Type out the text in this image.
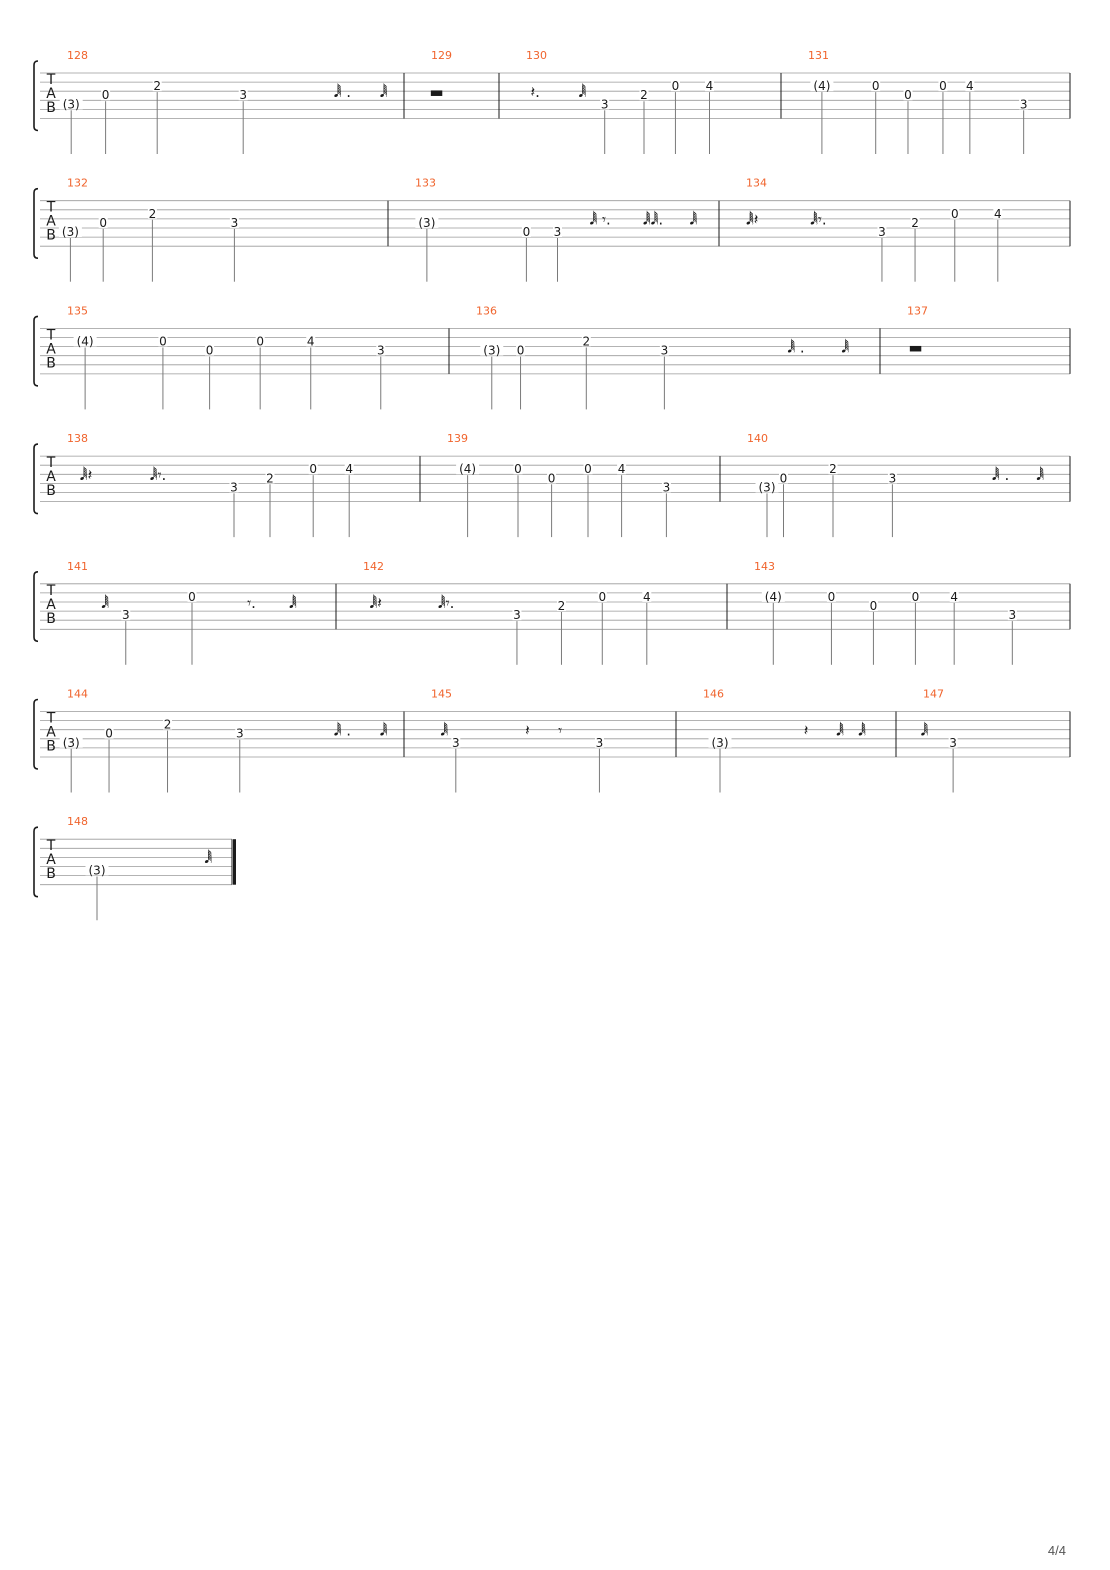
T
A
B
128
(3)
0
2
3	𝅘𝅥𝅲 . 𝅘𝅥𝅲
129
▬
130
3
2
0 4
𝄽.	𝅘𝅥𝅲
131
(4)	0
0
0 4
3
T
A
B
132
(3)
0
2
3
133
(3)
0 3
𝅘𝅥𝅲 𝄾. 𝅘𝅥𝅲𝅘𝅥𝅲. 𝅘𝅥𝅲
134
3
2
0	4
𝅘𝅥𝅲𝄽	𝅘𝅥𝅲𝄾.
T
A
B
135
(4)	0
0
0	4
3
136
(3) 0
2
3	𝅘𝅥𝅲 . 𝅘𝅥𝅲
137
▬
T
A
B
138
3
2
0 4
𝅘𝅥𝅲𝄽	𝅘𝅥𝅲𝄾.
139
(4)	0
0
0 4
3
140
(3)
0
2
3	𝅘𝅥𝅲 . 𝅘𝅥𝅲
T
A
B
141
3
0
𝅘𝅥𝅲	𝄾. 𝅘𝅥𝅲
142
3
2
0	4
𝅘𝅥𝅲𝄽	𝅘𝅥𝅲𝄾.
143
(4)	0
0
0	4
3
T
A
B
144
(3)
0
2
3	𝅘𝅥𝅲 . 𝅘𝅥𝅲
145
3	3
𝅘𝅥𝅲	𝄽 𝄾
146
(3)
𝄽 𝅘𝅥𝅲 𝅘𝅥𝅲
147
3
𝅘𝅥𝅲
T
A
B
148
(3)
𝅘𝅥𝅲
4/4
